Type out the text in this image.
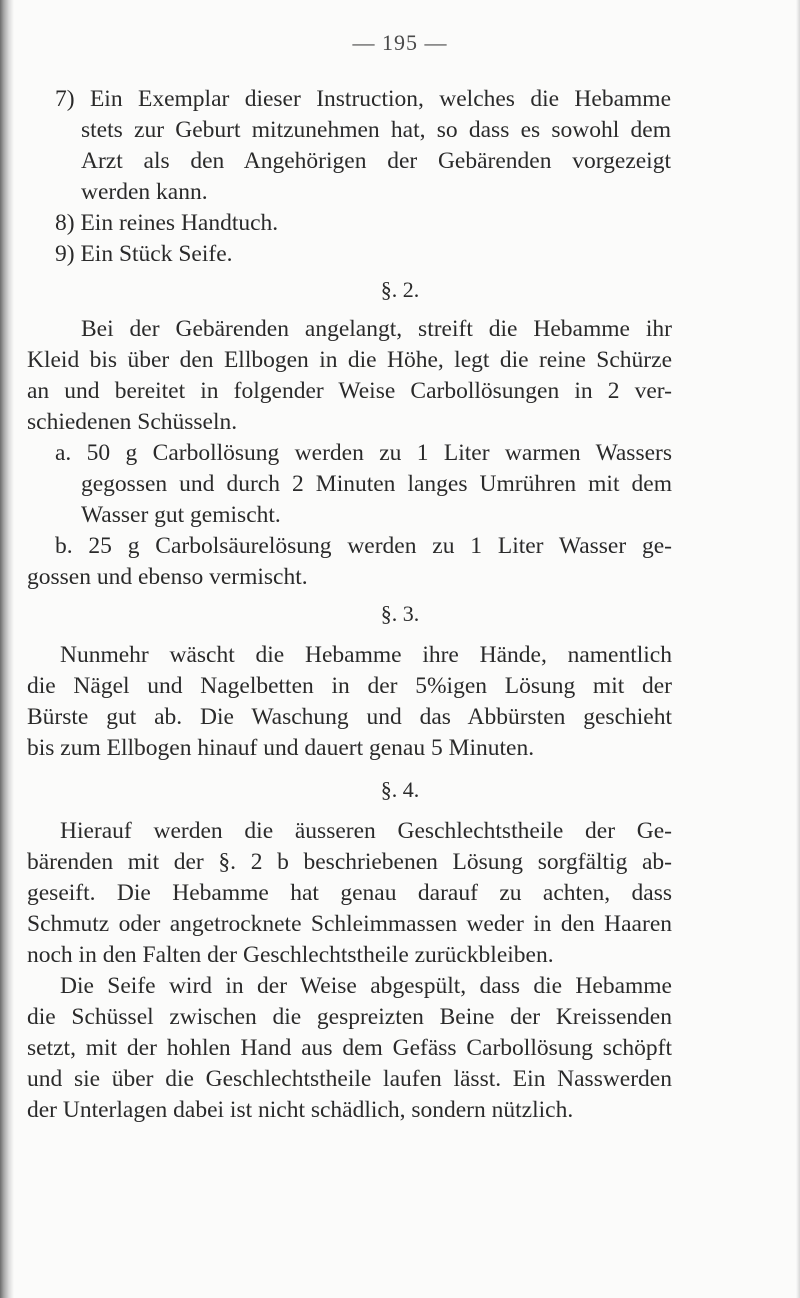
— 195 —
7) Ein Exemplar dieser Instruction, welches die Hebamme
stets zur Geburt mitzunehmen hat, so dass es sowohl dem
Arzt als den Angehörigen der Gebärenden vorgezeigt
werden kann.
8) Ein reines Handtuch.
9) Ein Stück Seife.
§. 2.
Bei der Gebärenden angelangt, streift die Hebamme ihr
Kleid bis über den Ellbogen in die Höhe, legt die reine Schürze
an und bereitet in folgender Weise Carbollösungen in 2 ver-
schiedenen Schüsseln.
a. 50 g Carbollösung werden zu 1 Liter warmen Wassers
gegossen und durch 2 Minuten langes Umrühren mit dem
Wasser gut gemischt.
b. 25 g Carbolsäurelösung werden zu 1 Liter Wasser ge-
gossen und ebenso vermischt.
§. 3.
Nunmehr wäscht die Hebamme ihre Hände, namentlich
die Nägel und Nagelbetten in der 5%igen Lösung mit der
Bürste gut ab. Die Waschung und das Abbürsten geschieht
bis zum Ellbogen hinauf und dauert genau 5 Minuten.
§. 4.
Hierauf werden die äusseren Geschlechtstheile der Ge-
bärenden mit der §. 2 b beschriebenen Lösung sorgfältig ab-
geseift. Die Hebamme hat genau darauf zu achten, dass
Schmutz oder angetrocknete Schleimmassen weder in den Haaren
noch in den Falten der Geschlechtstheile zurückbleiben.
Die Seife wird in der Weise abgespült, dass die Hebamme
die Schüssel zwischen die gespreizten Beine der Kreissenden
setzt, mit der hohlen Hand aus dem Gefäss Carbollösung schöpft
und sie über die Geschlechtstheile laufen lässt. Ein Nasswerden
der Unterlagen dabei ist nicht schädlich, sondern nützlich.
